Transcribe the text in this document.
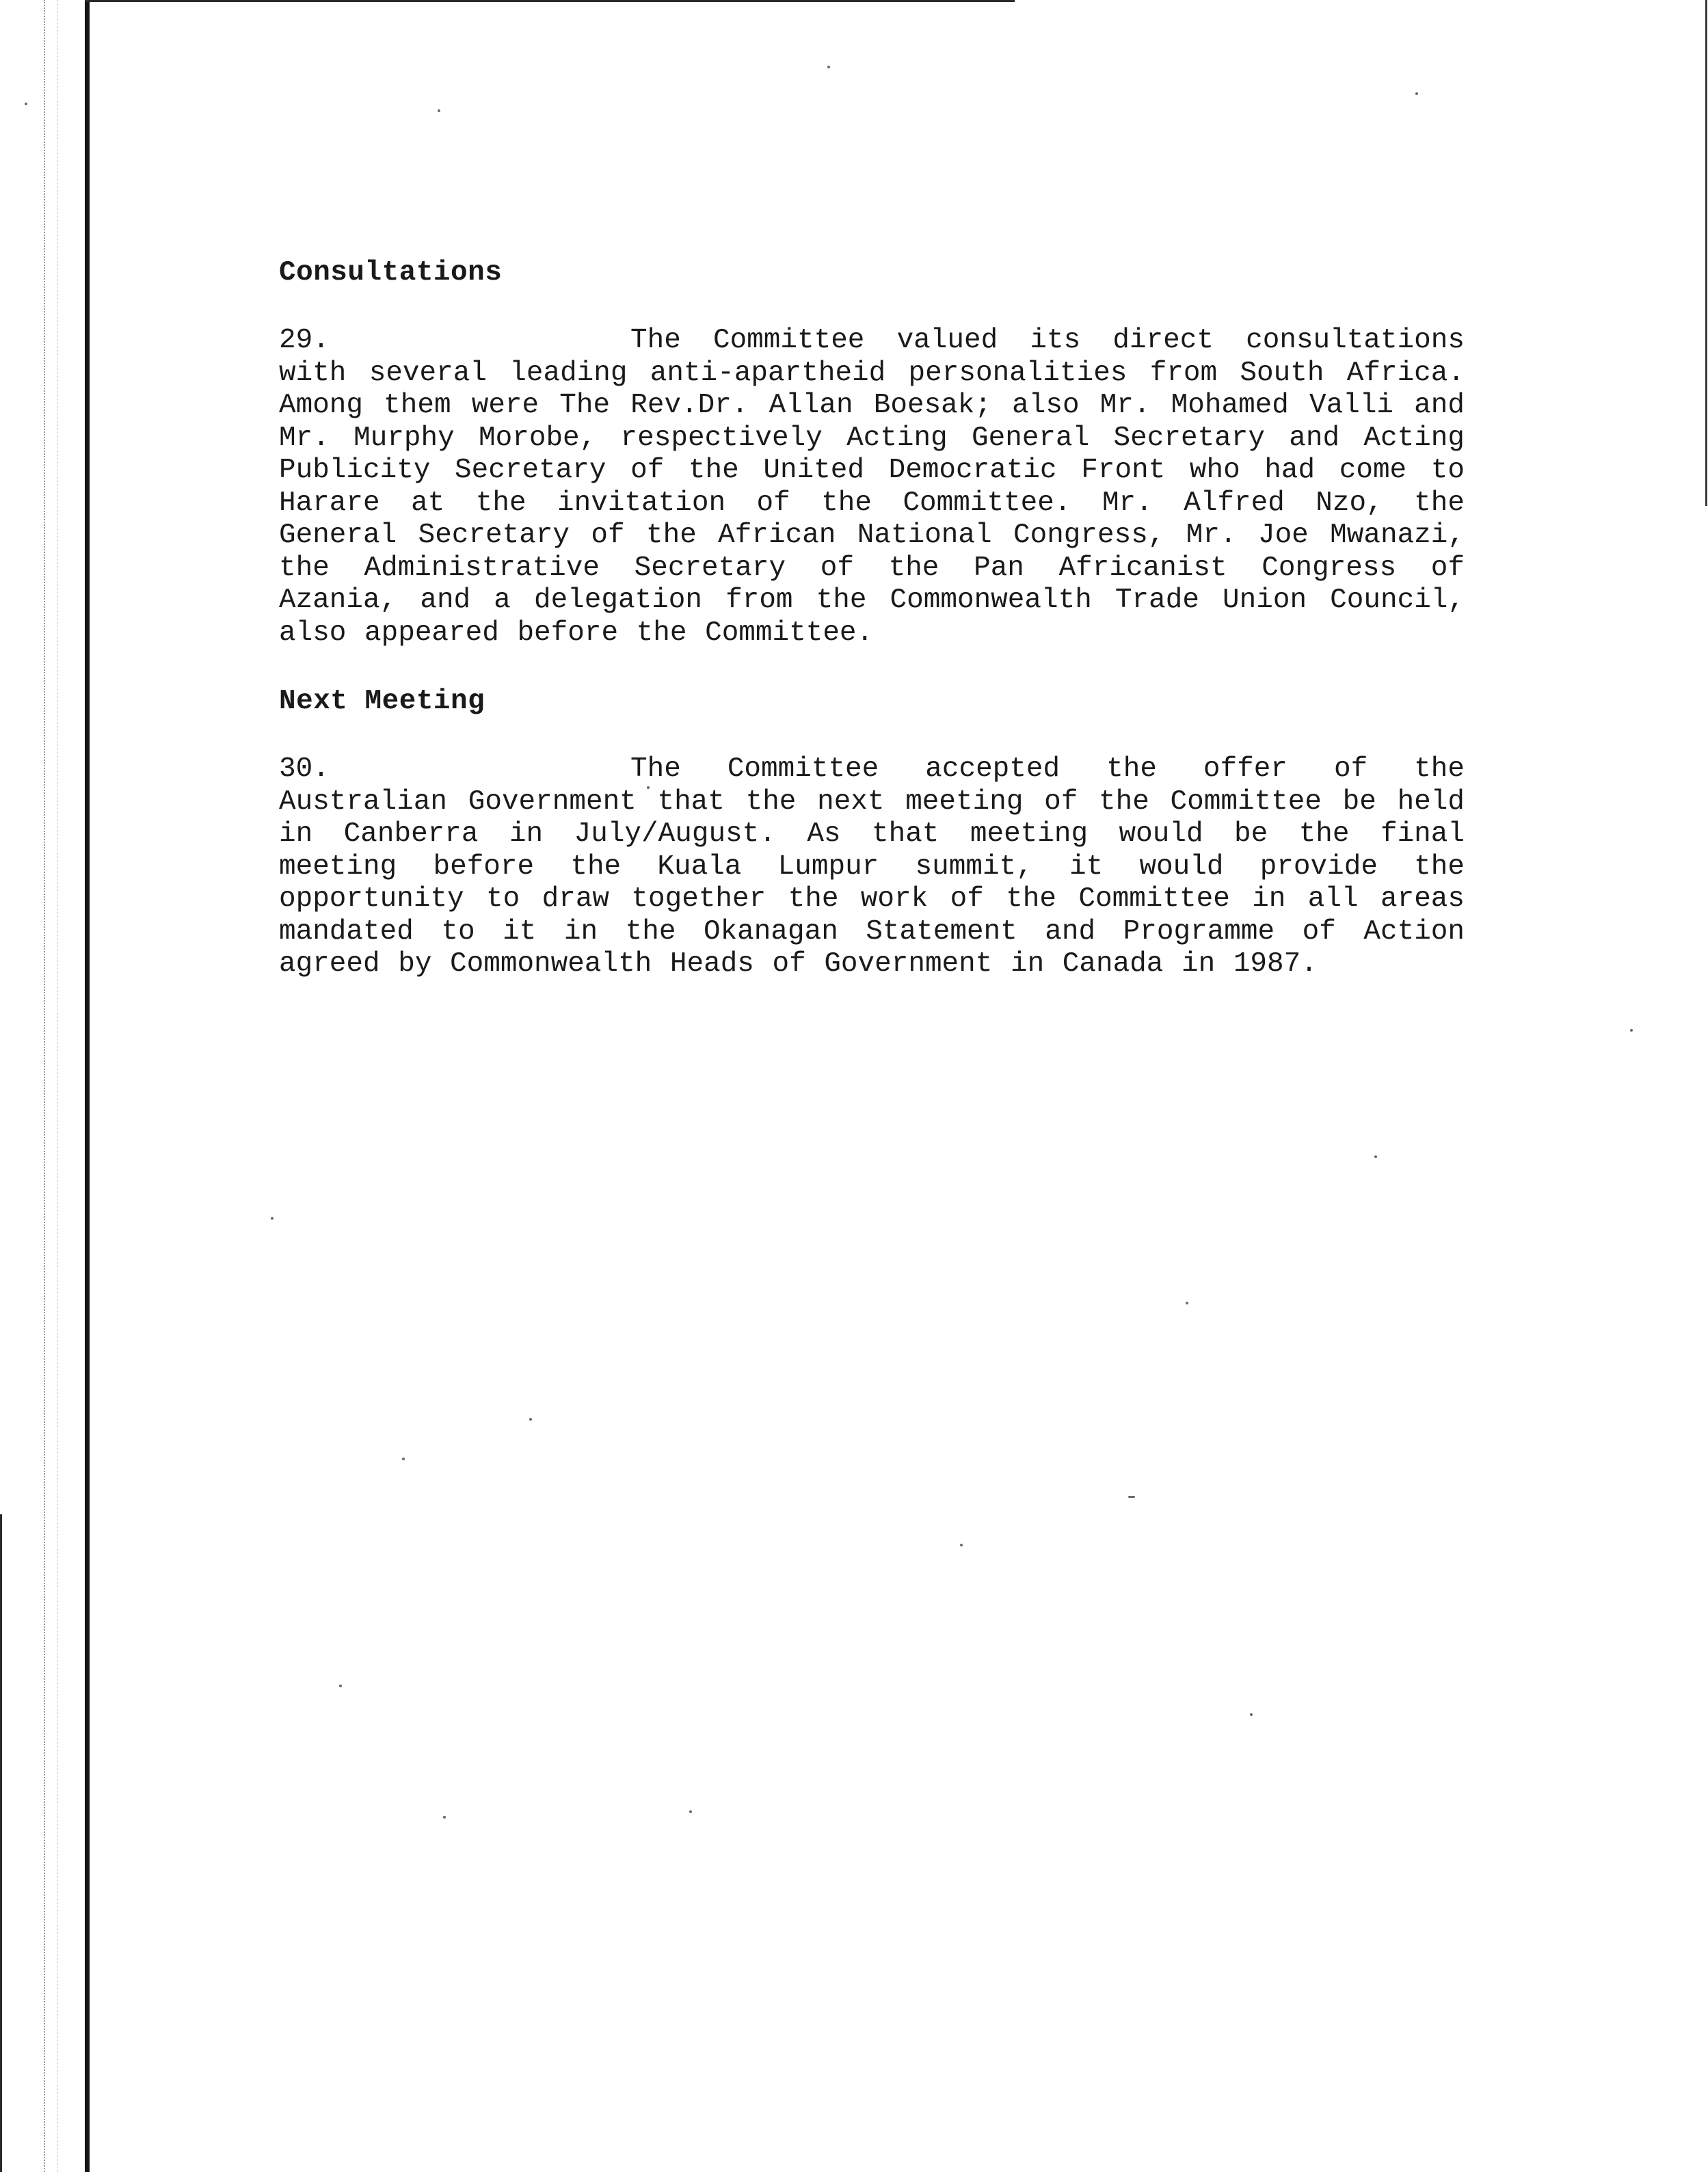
Consultations

29.	The Committee valued its direct consultations with several leading anti-apartheid personalities from South Africa. Among them were The Rev.Dr. Allan Boesak; also Mr. Mohamed Valli and Mr. Murphy Morobe, respectively Acting General Secretary and Acting Publicity Secretary of the United Democratic Front who had come to Harare at the invitation of the Committee. Mr. Alfred Nzo, the General Secretary of the African National Congress, Mr. Joe Mwanazi, the Administrative Secretary of the Pan Africanist Congress of Azania, and a delegation from the Commonwealth Trade Union Council, also appeared before the Committee.

Next Meeting

30.	The Committee accepted the offer of the Australian Government that the next meeting of the Committee be held in Canberra in July/August. As that meeting would be the final meeting before the Kuala Lumpur summit, it would provide the opportunity to draw together the work of the Committee in all areas mandated to it in the Okanagan Statement and Programme of Action agreed by Commonwealth Heads of Government in Canada in 1987.
